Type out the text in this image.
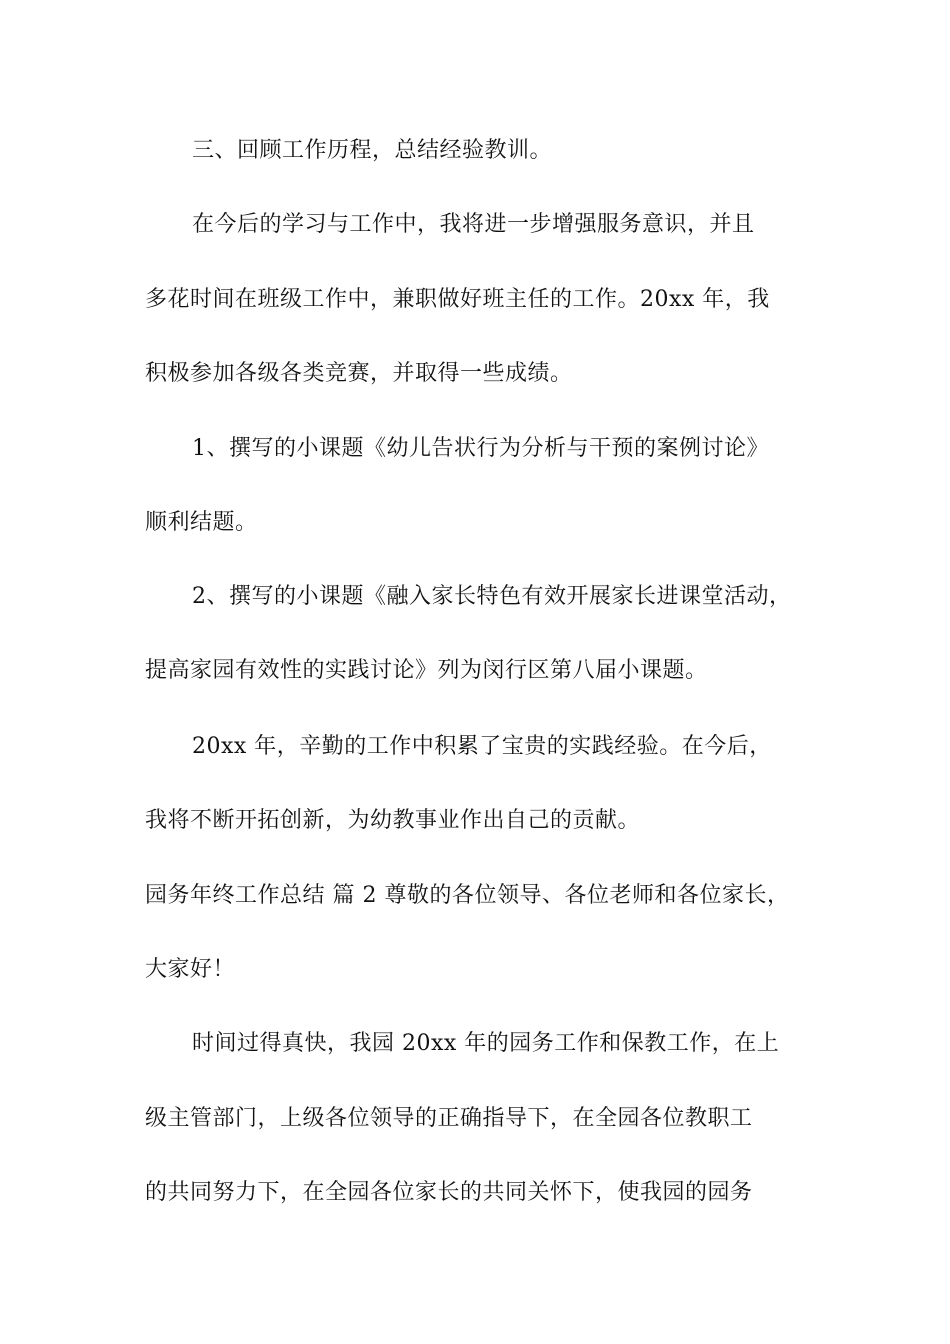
三、回顾工作历程，总结经验教训。
在今后的学习与工作中，我将进一步增强服务意识，并且
多花时间在班级工作中，兼职做好班主任的工作。20xx 年，我
积极参加各级各类竞赛，并取得一些成绩。
1、撰写的小课题《幼儿告状行为分析与干预的案例讨论》
顺利结题。
2、撰写的小课题《融入家长特色有效开展家长进课堂活动，
提高家园有效性的实践讨论》列为闵行区第八届小课题。
20xx 年，辛勤的工作中积累了宝贵的实践经验。在今后，
我将不断开拓创新，为幼教事业作出自己的贡献。
园务年终工作总结 篇 2 尊敬的各位领导、各位老师和各位家长，
大家好！
时间过得真快，我园 20xx 年的园务工作和保教工作，在上
级主管部门，上级各位领导的正确指导下，在全园各位教职工
的共同努力下，在全园各位家长的共同关怀下，使我园的园务
